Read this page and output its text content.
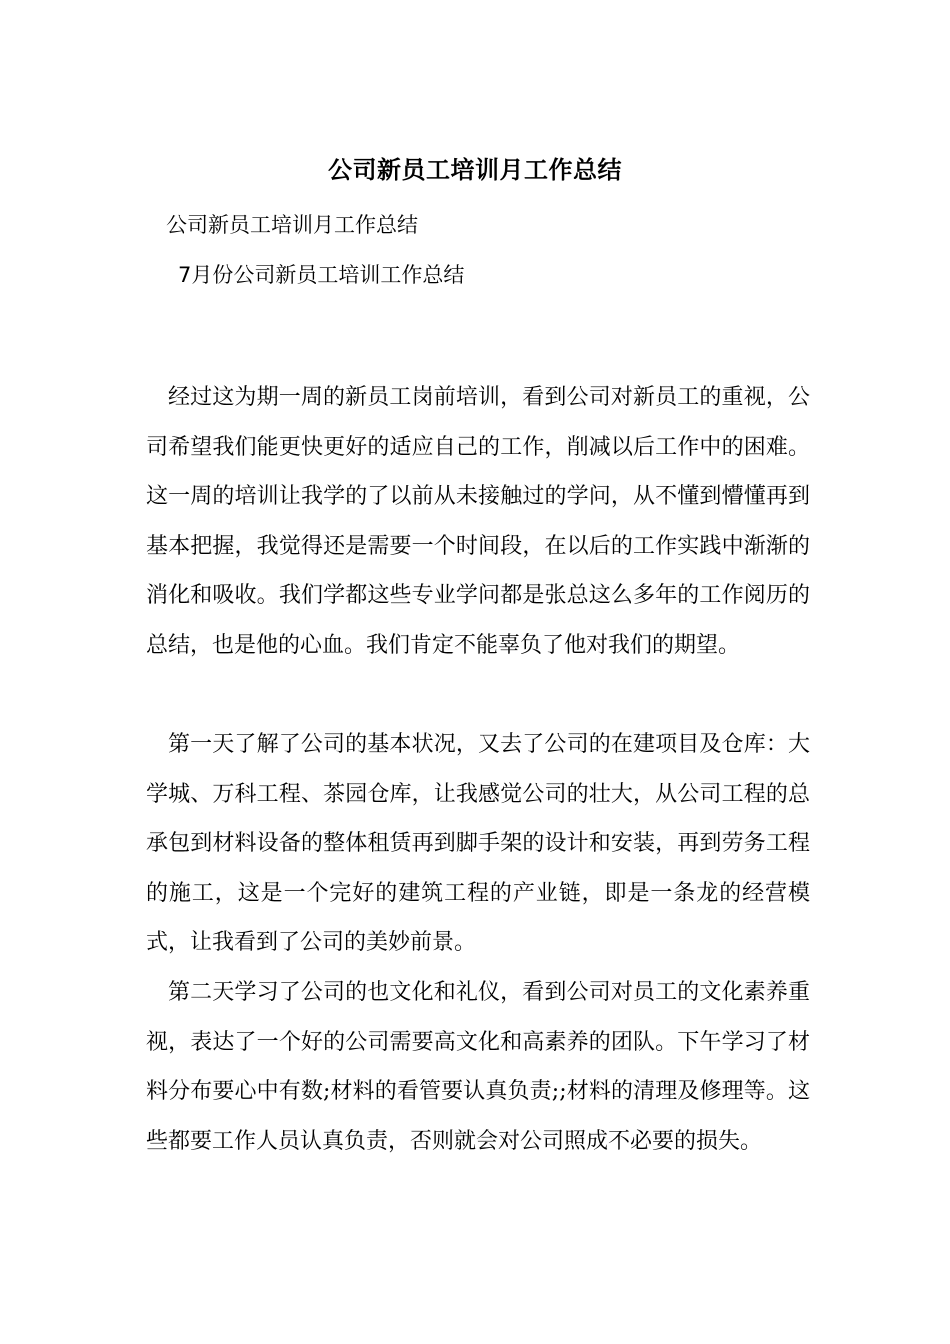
公司新员工培训月工作总结
公司新员工培训月工作总结
7月份公司新员工培训工作总结

经过这为期一周的新员工岗前培训，看到公司对新员工的重视，公司希望我们能更快更好的适应自己的工作，削减以后工作中的困难。这一周的培训让我学的了以前从未接触过的学问，从不懂到懵懂再到基本把握，我觉得还是需要一个时间段，在以后的工作实践中渐渐的消化和吸收。我们学都这些专业学问都是张总这么多年的工作阅历的总结，也是他的心血。我们肯定不能辜负了他对我们的期望。

第一天了解了公司的基本状况，又去了公司的在建项目及仓库：大学城、万科工程、茶园仓库，让我感觉公司的壮大，从公司工程的总承包到材料设备的整体租赁再到脚手架的设计和安装，再到劳务工程的施工，这是一个完好的建筑工程的产业链，即是一条龙的经营模式，让我看到了公司的美妙前景。

第二天学习了公司的也文化和礼仪，看到公司对员工的文化素养重视，表达了一个好的公司需要高文化和高素养的团队。下午学习了材料分布要心中有数;材料的看管要认真负责;;材料的清理及修理等。这些都要工作人员认真负责，否则就会对公司照成不必要的损失。
